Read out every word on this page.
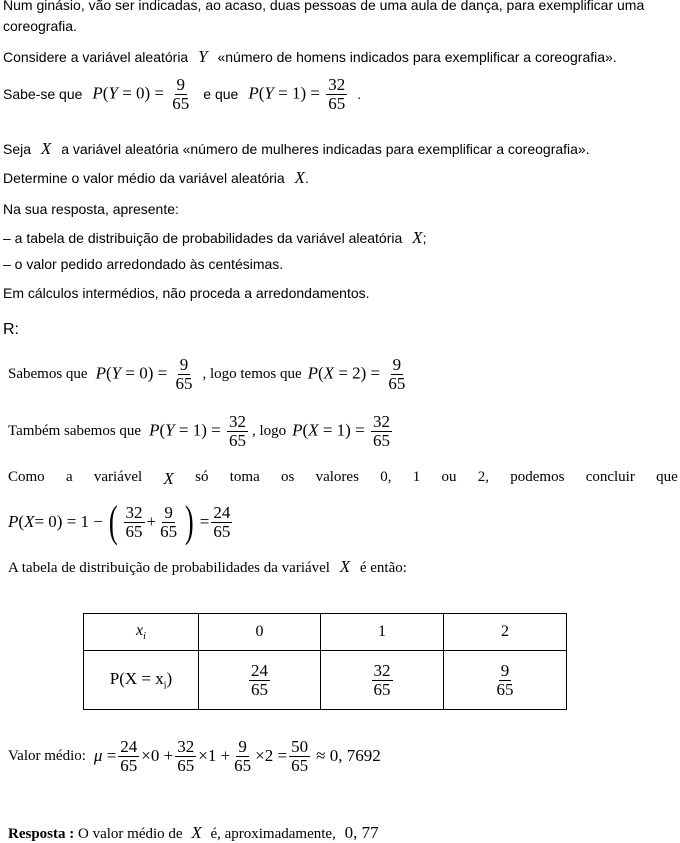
Num ginásio, vão ser indicadas, ao acaso, duas pessoas de uma aula de dança, para exemplificar uma
coreografia.
Considere a variável aleatória Y «número de homens indicados para exemplificar a coreografia».
Sabe-se que $P(Y = 0) = \frac{9}{65}$ e que $P(Y = 1) = \frac{32}{65}$ .
Seja X a variável aleatória «número de mulheres indicadas para exemplificar a coreografia».
Determine o valor médio da variável aleatória X.
Na sua resposta, apresente:
– a tabela de distribuição de probabilidades da variável aleatória X;
– o valor pedido arredondado às centésimas.
Em cálculos intermédios, não proceda a arredondamentos.
R:
Sabemos que $P(Y = 0) = \frac{9}{65}$ , logo temos que $P(X = 2) = \frac{9}{65}$
Também sabemos que $P(Y = 1) = \frac{32}{65}$ , logo $P(X = 1) = \frac{32}{65}$
Como a variável X só toma os valores 0, 1 ou 2, podemos concluir que
P ( X = 0) = 1 − ( $\frac{32}{65} + \frac{9}{65}$ ) = $\frac{24}{65}$
A tabela de distribuição de probabilidades da variável X é então:
$x_i$	0	1	2
$P(X = x_i)$	$\frac{24}{65}$	$\frac{32}{65}$	$\frac{9}{65}$
Valor médio: $\mu = \frac{24}{65} \times 0 + \frac{32}{65} \times 1 + \frac{9}{65} \times 2 = \frac{50}{65} \approx 0$, 7692
Resposta : O valor médio de X é, aproximadamente, 0, 77
